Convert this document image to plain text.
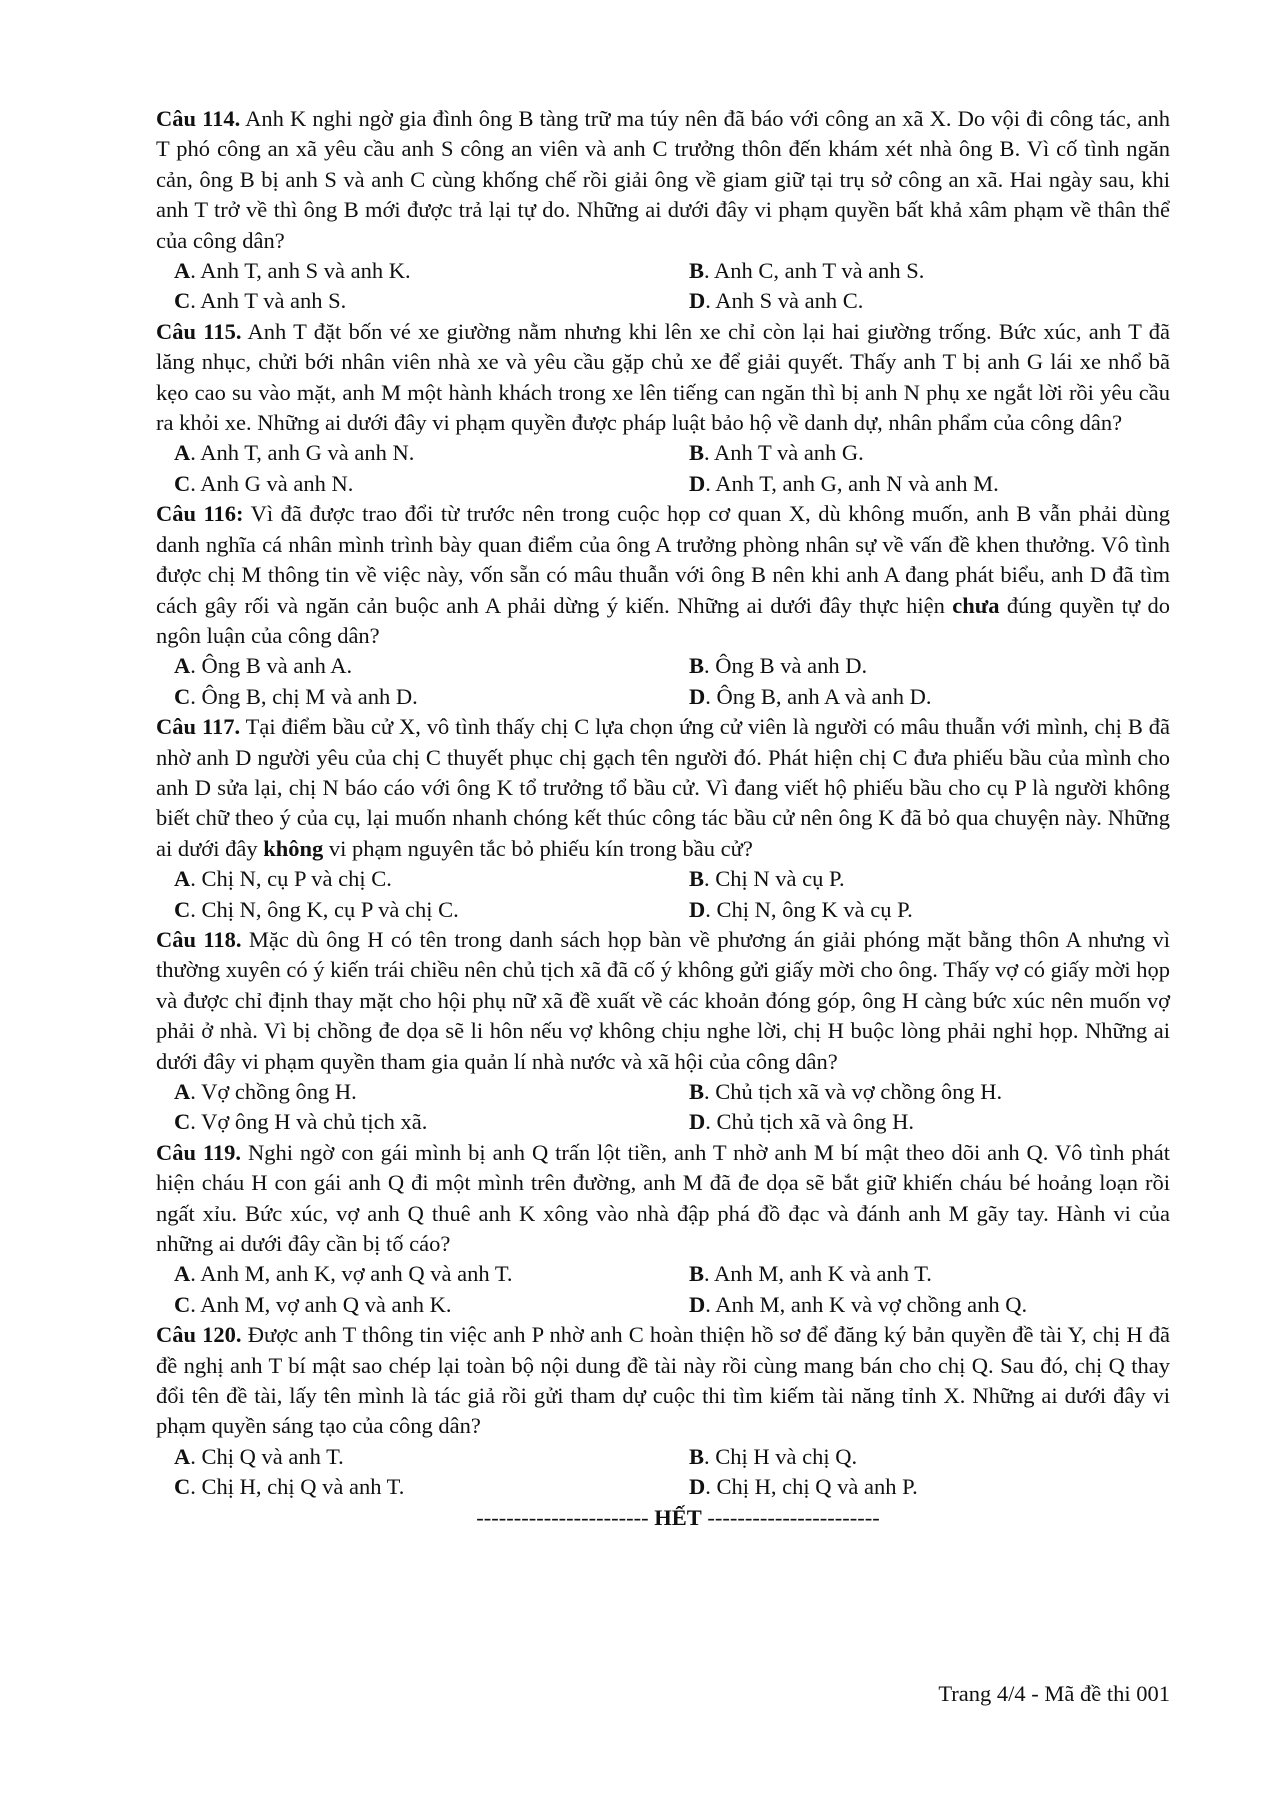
Câu 114. Anh K nghi ngờ gia đình ông B tàng trữ ma túy nên đã báo với công an xã X. Do vội đi công tác, anh T phó công an xã yêu cầu anh S công an viên và anh C trưởng thôn đến khám xét nhà ông B. Vì cố tình ngăn cản, ông B bị anh S và anh C cùng khống chế rồi giải ông về giam giữ tại trụ sở công an xã. Hai ngày sau, khi anh T trở về thì ông B mới được trả lại tự do. Những ai dưới đây vi phạm quyền bất khả xâm phạm về thân thể của công dân?
A. Anh T, anh S và anh K.	B. Anh C, anh T và anh S.
C. Anh T và anh S.	D. Anh S và anh C.
Câu 115. Anh T đặt bốn vé xe giường nằm nhưng khi lên xe chỉ còn lại hai giường trống. Bức xúc, anh T đã lăng nhục, chửi bới nhân viên nhà xe và yêu cầu gặp chủ xe để giải quyết. Thấy anh T bị anh G lái xe nhổ bã kẹo cao su vào mặt, anh M một hành khách trong xe lên tiếng can ngăn thì bị anh N phụ xe ngắt lời rồi yêu cầu ra khỏi xe. Những ai dưới đây vi phạm quyền được pháp luật bảo hộ về danh dự, nhân phẩm của công dân?
A. Anh T, anh G và anh N.	B. Anh T và anh G.
C. Anh G và anh N.	D. Anh T, anh G, anh N và anh M.
Câu 116: Vì đã được trao đổi từ trước nên trong cuộc họp cơ quan X, dù không muốn, anh B vẫn phải dùng danh nghĩa cá nhân mình trình bày quan điểm của ông A trưởng phòng nhân sự về vấn đề khen thưởng. Vô tình được chị M thông tin về việc này, vốn sẵn có mâu thuẫn với ông B nên khi anh A đang phát biểu, anh D đã tìm cách gây rối và ngăn cản buộc anh A phải dừng ý kiến. Những ai dưới đây thực hiện chưa đúng quyền tự do ngôn luận của công dân?
A. Ông B và anh A.	B. Ông B và anh D.
C. Ông B, chị M và anh D.	D. Ông B, anh A và anh D.
Câu 117. Tại điểm bầu cử X, vô tình thấy chị C lựa chọn ứng cử viên là người có mâu thuẫn với mình, chị B đã nhờ anh D người yêu của chị C thuyết phục chị gạch tên người đó. Phát hiện chị C đưa phiếu bầu của mình cho anh D sửa lại, chị N báo cáo với ông K tổ trưởng tổ bầu cử. Vì đang viết hộ phiếu bầu cho cụ P là người không biết chữ theo ý của cụ, lại muốn nhanh chóng kết thúc công tác bầu cử nên ông K đã bỏ qua chuyện này. Những ai dưới đây không vi phạm nguyên tắc bỏ phiếu kín trong bầu cử?
A. Chị N, cụ P và chị C.	B. Chị N và cụ P.
C. Chị N, ông K, cụ P và chị C.	D. Chị N, ông K và cụ P.
Câu 118. Mặc dù ông H có tên trong danh sách họp bàn về phương án giải phóng mặt bằng thôn A nhưng vì thường xuyên có ý kiến trái chiều nên chủ tịch xã đã cố ý không gửi giấy mời cho ông. Thấy vợ có giấy mời họp và được chỉ định thay mặt cho hội phụ nữ xã đề xuất về các khoản đóng góp, ông H càng bức xúc nên muốn vợ phải ở nhà. Vì bị chồng đe dọa sẽ li hôn nếu vợ không chịu nghe lời, chị H buộc lòng phải nghỉ họp. Những ai dưới đây vi phạm quyền tham gia quản lí nhà nước và xã hội của công dân?
A. Vợ chồng ông H.	B. Chủ tịch xã và vợ chồng ông H.
C. Vợ ông H và chủ tịch xã.	D. Chủ tịch xã và ông H.
Câu 119. Nghi ngờ con gái mình bị anh Q trấn lột tiền, anh T nhờ anh M bí mật theo dõi anh Q. Vô tình phát hiện cháu H con gái anh Q đi một mình trên đường, anh M đã đe dọa sẽ bắt giữ khiến cháu bé hoảng loạn rồi ngất xỉu. Bức xúc, vợ anh Q thuê anh K xông vào nhà đập phá đồ đạc và đánh anh M gãy tay. Hành vi của những ai dưới đây cần bị tố cáo?
A. Anh M, anh K, vợ anh Q và anh T.	B. Anh M, anh K và anh T.
C. Anh M, vợ anh Q và anh K.	D. Anh M, anh K và vợ chồng anh Q.
Câu 120. Được anh T thông tin việc anh P nhờ anh C hoàn thiện hồ sơ để đăng ký bản quyền đề tài Y, chị H đã đề nghị anh T bí mật sao chép lại toàn bộ nội dung đề tài này rồi cùng mang bán cho chị Q. Sau đó, chị Q thay đổi tên đề tài, lấy tên mình là tác giả rồi gửi tham dự cuộc thi tìm kiếm tài năng tỉnh X. Những ai dưới đây vi phạm quyền sáng tạo của công dân?
A. Chị Q và anh T.	B. Chị H và chị Q.
C. Chị H, chị Q và anh T.	D. Chị H, chị Q và anh P.
----------------------- HẾT -----------------------
Trang 4/4 - Mã đề thi 001
